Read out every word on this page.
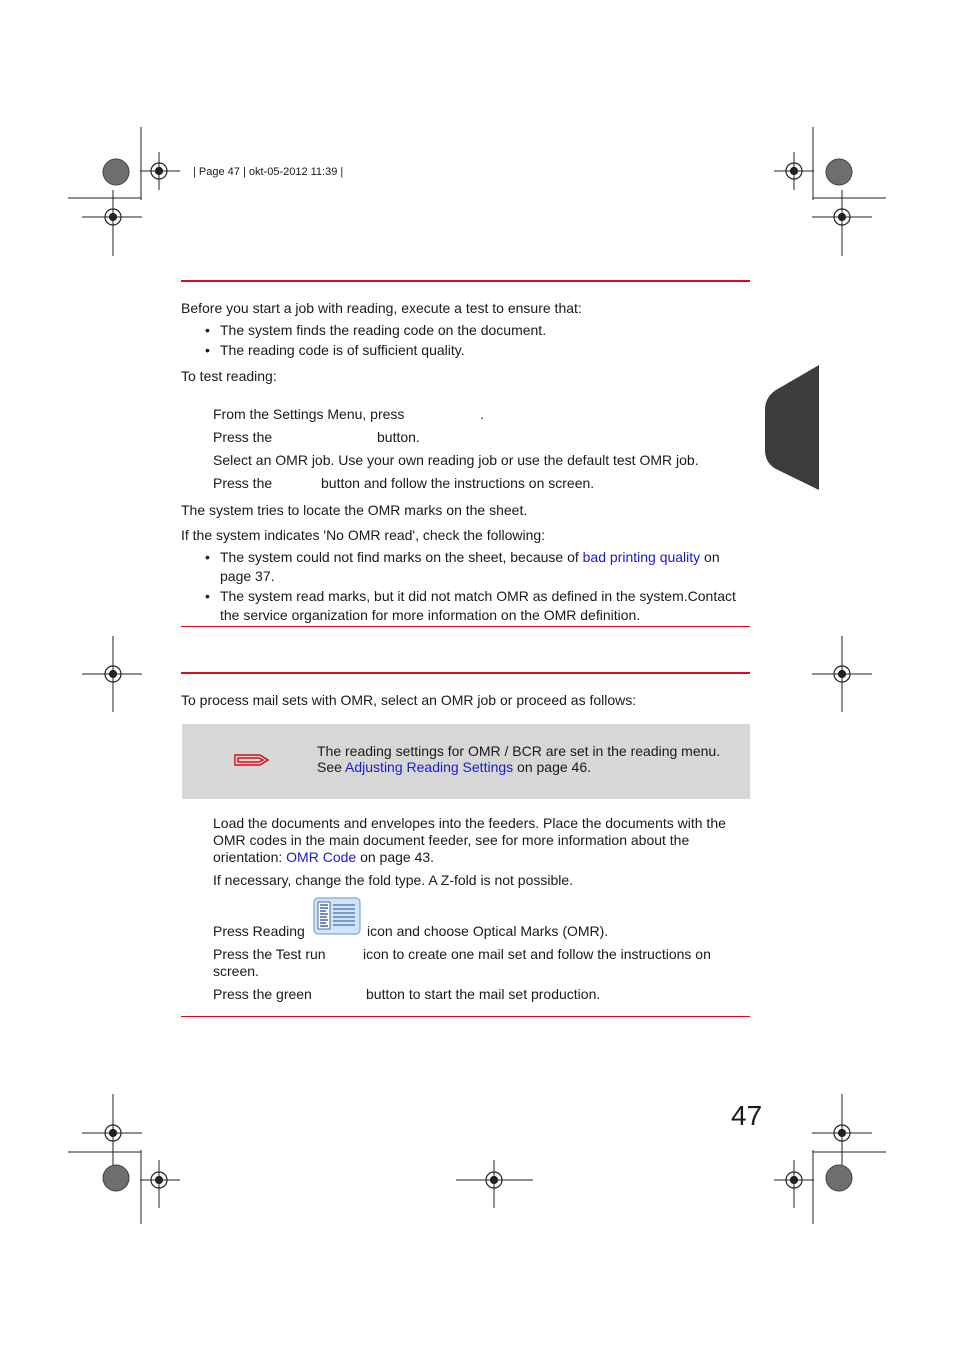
| Page 47 | okt-05-2012 11:39 |
Before you start a job with reading, execute a test to ensure that:
• The system finds the reading code on the document.
• The reading code is of sufficient quality.
To test reading:
From the Settings Menu, press	.
Press the	button.
Select an OMR job. Use your own reading job or use the default test OMR job.
Press the	button and follow the instructions on screen.
The system tries to locate the OMR marks on the sheet.
If the system indicates 'No OMR read', check the following:
• The system could not find marks on the sheet, because of bad printing quality on
page 37.
• The system read marks, but it did not match OMR as defined in the system.Contact
the service organization for more information on the OMR definition.
To process mail sets with OMR, select an OMR job or proceed as follows:
The reading settings for OMR / BCR are set in the reading menu.
See Adjusting Reading Settings on page 46.
Load the documents and envelopes into the feeders. Place the documents with the
OMR codes in the main document feeder, see for more information about the
orientation: OMR Code on page 43.
If necessary, change the fold type. A Z-fold is not possible.
Press Reading	icon and choose Optical Marks (OMR).
Press the Test run	icon to create one mail set and follow the instructions on
screen.
Press the green	button to start the mail set production.
47
